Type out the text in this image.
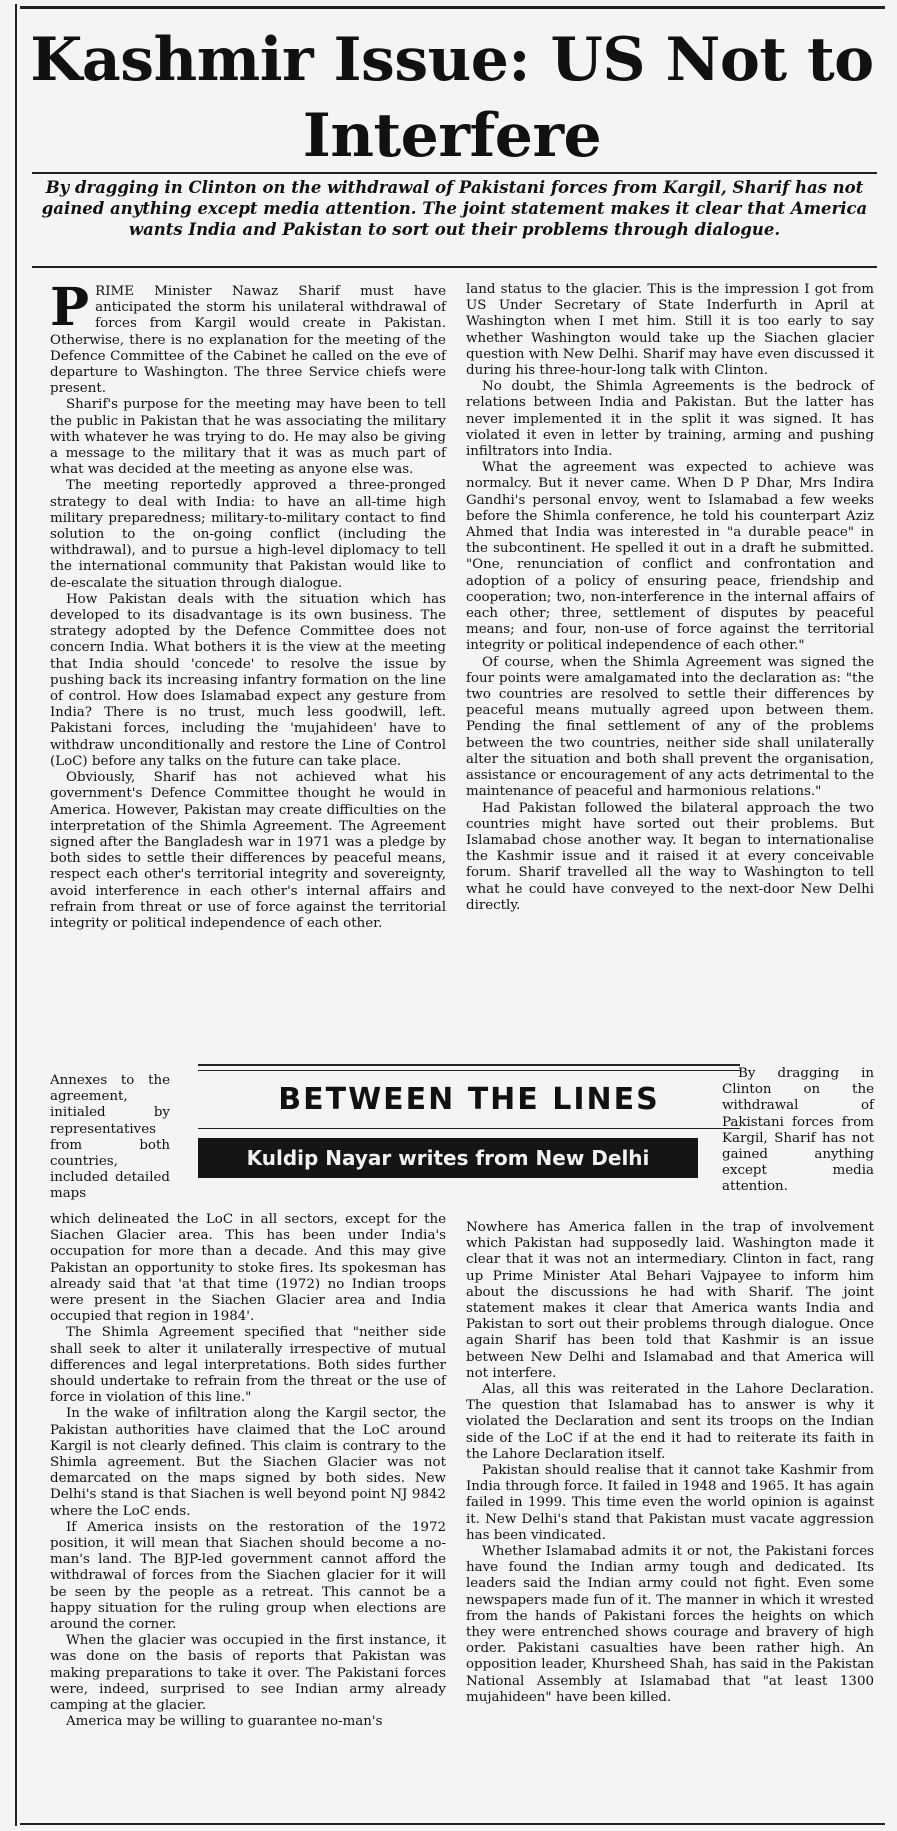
Kashmir Issue: US Not to Interfere

By dragging in Clinton on the withdrawal of Pakistani forces from Kargil, Sharif has not gained anything except media attention. The joint statement makes it clear that America wants India and Pakistan to sort out their problems through dialogue.

PRIME Minister Nawaz Sharif must have anticipated the storm his unilateral withdrawal of forces from Kargil would create in Pakistan. Otherwise, there is no explanation for the meeting of the Defence Committee of the Cabinet he called on the eve of departure to Washington. The three Service chiefs were present.

Sharif's purpose for the meeting may have been to tell the public in Pakistan that he was associating the military with whatever he was trying to do. He may also be giving a message to the military that it was as much part of what was decided at the meeting as anyone else was.

The meeting reportedly approved a three-pronged strategy to deal with India: to have an all-time high military preparedness; military-to-military contact to find solution to the on-going conflict (including the withdrawal), and to pursue a high-level diplomacy to tell the international community that Pakistan would like to de-escalate the situation through dialogue.

How Pakistan deals with the situation which has developed to its disadvantage is its own business. The strategy adopted by the Defence Committee does not concern India. What bothers it is the view at the meeting that India should 'concede' to resolve the issue by pushing back its increasing infantry formation on the line of control. How does Islamabad expect any gesture from India? There is no trust, much less goodwill, left. Pakistani forces, including the 'mujahideen' have to withdraw unconditionally and restore the Line of Control (LoC) before any talks on the future can take place.

Obviously, Sharif has not achieved what his government's Defence Committee thought he would in America. However, Pakistan may create difficulties on the interpretation of the Shimla Agreement. The Agreement signed after the Bangladesh war in 1971 was a pledge by both sides to settle their differences by peaceful means, respect each other's territorial integrity and sovereignty, avoid interference in each other's internal affairs and refrain from threat or use of force against the territorial integrity or political independence of each other.

Annexes to the agreement, initialed by representatives from both countries, included detailed maps

BETWEEN THE LINES
Kuldip Nayar writes from New Delhi

land status to the glacier. This is the impression I got from US Under Secretary of State Inderfurth in April at Washington when I met him. Still it is too early to say whether Washington would take up the Siachen glacier question with New Delhi. Sharif may have even discussed it during his three-hour-long talk with Clinton.

No doubt, the Shimla Agreements is the bedrock of relations between India and Pakistan. But the latter has never implemented it in the split it was signed. It has violated it even in letter by training, arming and pushing infiltrators into India.

What the agreement was expected to achieve was normalcy. But it never came. When D P Dhar, Mrs Indira Gandhi's personal envoy, went to Islamabad a few weeks before the Shimla conference, he told his counterpart Aziz Ahmed that India was interested in "a durable peace" in the subcontinent. He spelled it out in a draft he submitted. "One, renunciation of conflict and confrontation and adoption of a policy of ensuring peace, friendship and cooperation; two, non-interference in the internal affairs of each other; three, settlement of disputes by peaceful means; and four, non-use of force against the territorial integrity or political independence of each other."

Of course, when the Shimla Agreement was signed the four points were amalgamated into the declaration as: "the two countries are resolved to settle their differences by peaceful means mutually agreed upon between them. Pending the final settlement of any of the problems between the two countries, neither side shall unilaterally alter the situation and both shall prevent the organisation, assistance or encouragement of any acts detrimental to the maintenance of peaceful and harmonious relations."

Had Pakistan followed the bilateral approach the two countries might have sorted out their problems. But Islamabad chose another way. It began to internationalise the Kashmir issue and it raised it at every conceivable forum. Sharif travelled all the way to Washington to tell what he could have conveyed to the next-door New Delhi directly.

By dragging in Clinton on the withdrawal of Pakistani forces from Kargil, Sharif has not gained anything except media attention.

which delineated the LoC in all sectors, except for the Siachen Glacier area. This has been under India's occupation for more than a decade. And this may give Pakistan an opportunity to stoke fires. Its spokesman has already said that 'at that time (1972) no Indian troops were present in the Siachen Glacier area and India occupied that region in 1984'.

The Shimla Agreement specified that "neither side shall seek to alter it unilaterally irrespective of mutual differences and legal interpretations. Both sides further should undertake to refrain from the threat or the use of force in violation of this line."

In the wake of infiltration along the Kargil sector, the Pakistan authorities have claimed that the LoC around Kargil is not clearly defined. This claim is contrary to the Shimla agreement. But the Siachen Glacier was not demarcated on the maps signed by both sides. New Delhi's stand is that Siachen is well beyond point NJ 9842 where the LoC ends.

If America insists on the restoration of the 1972 position, it will mean that Siachen should become a no-man's land. The BJP-led government cannot afford the withdrawal of forces from the Siachen glacier for it will be seen by the people as a retreat. This cannot be a happy situation for the ruling group when elections are around the corner.

When the glacier was occupied in the first instance, it was done on the basis of reports that Pakistan was making preparations to take it over. The Pakistani forces were, indeed, surprised to see Indian army already camping at the glacier.

America may be willing to guarantee no-man's

Nowhere has America fallen in the trap of involvement which Pakistan had supposedly laid. Washington made it clear that it was not an intermediary. Clinton in fact, rang up Prime Minister Atal Behari Vajpayee to inform him about the discussions he had with Sharif. The joint statement makes it clear that America wants India and Pakistan to sort out their problems through dialogue. Once again Sharif has been told that Kashmir is an issue between New Delhi and Islamabad and that America will not interfere.

Alas, all this was reiterated in the Lahore Declaration. The question that Islamabad has to answer is why it violated the Declaration and sent its troops on the Indian side of the LoC if at the end it had to reiterate its faith in the Lahore Declaration itself.

Pakistan should realise that it cannot take Kashmir from India through force. It failed in 1948 and 1965. It has again failed in 1999. This time even the world opinion is against it. New Delhi's stand that Pakistan must vacate aggression has been vindicated.

Whether Islamabad admits it or not, the Pakistani forces have found the Indian army tough and dedicated. Its leaders said the Indian army could not fight. Even some newspapers made fun of it. The manner in which it wrested from the hands of Pakistani forces the heights on which they were entrenched shows courage and bravery of high order. Pakistani casualties have been rather high. An opposition leader, Khursheed Shah, has said in the Pakistan National Assembly at Islamabad that "at least 1300 mujahideen" have been killed.
